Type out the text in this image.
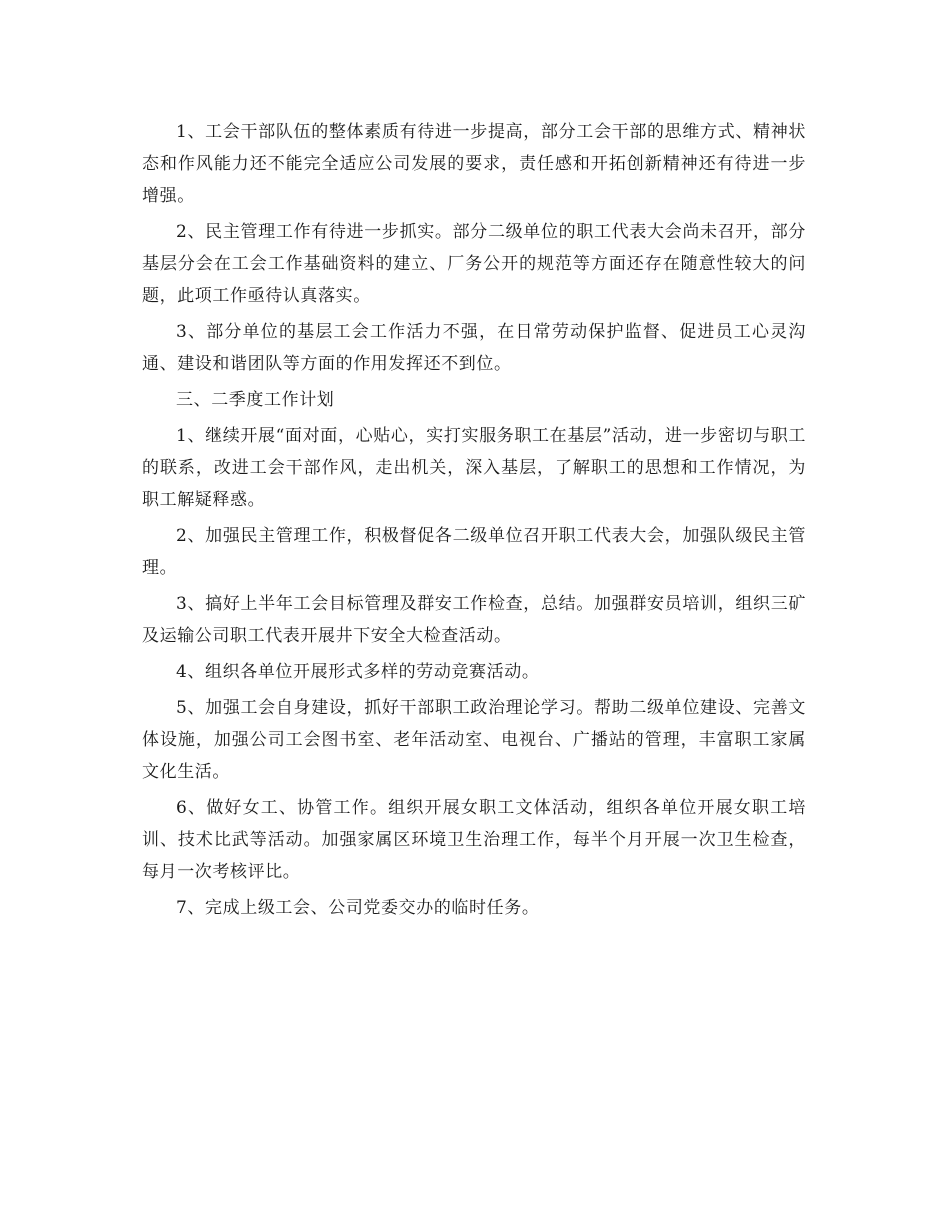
1、工会干部队伍的整体素质有待进一步提高，部分工会干部的思维方式、精神状态和作风能力还不能完全适应公司发展的要求，责任感和开拓创新精神还有待进一步增强。

2、民主管理工作有待进一步抓实。部分二级单位的职工代表大会尚未召开，部分基层分会在工会工作基础资料的建立、厂务公开的规范等方面还存在随意性较大的问题，此项工作亟待认真落实。

3、部分单位的基层工会工作活力不强，在日常劳动保护监督、促进员工心灵沟通、建设和谐团队等方面的作用发挥还不到位。

三、二季度工作计划

1、继续开展“面对面，心贴心，实打实服务职工在基层”活动，进一步密切与职工的联系，改进工会干部作风，走出机关，深入基层，了解职工的思想和工作情况，为职工解疑释惑。

2、加强民主管理工作，积极督促各二级单位召开职工代表大会，加强队级民主管理。

3、搞好上半年工会目标管理及群安工作检查，总结。加强群安员培训，组织三矿及运输公司职工代表开展井下安全大检查活动。

4、组织各单位开展形式多样的劳动竞赛活动。

5、加强工会自身建设，抓好干部职工政治理论学习。帮助二级单位建设、完善文体设施，加强公司工会图书室、老年活动室、电视台、广播站的管理，丰富职工家属文化生活。

6、做好女工、协管工作。组织开展女职工文体活动，组织各单位开展女职工培训、技术比武等活动。加强家属区环境卫生治理工作，每半个月开展一次卫生检查，每月一次考核评比。

7、完成上级工会、公司党委交办的临时任务。
